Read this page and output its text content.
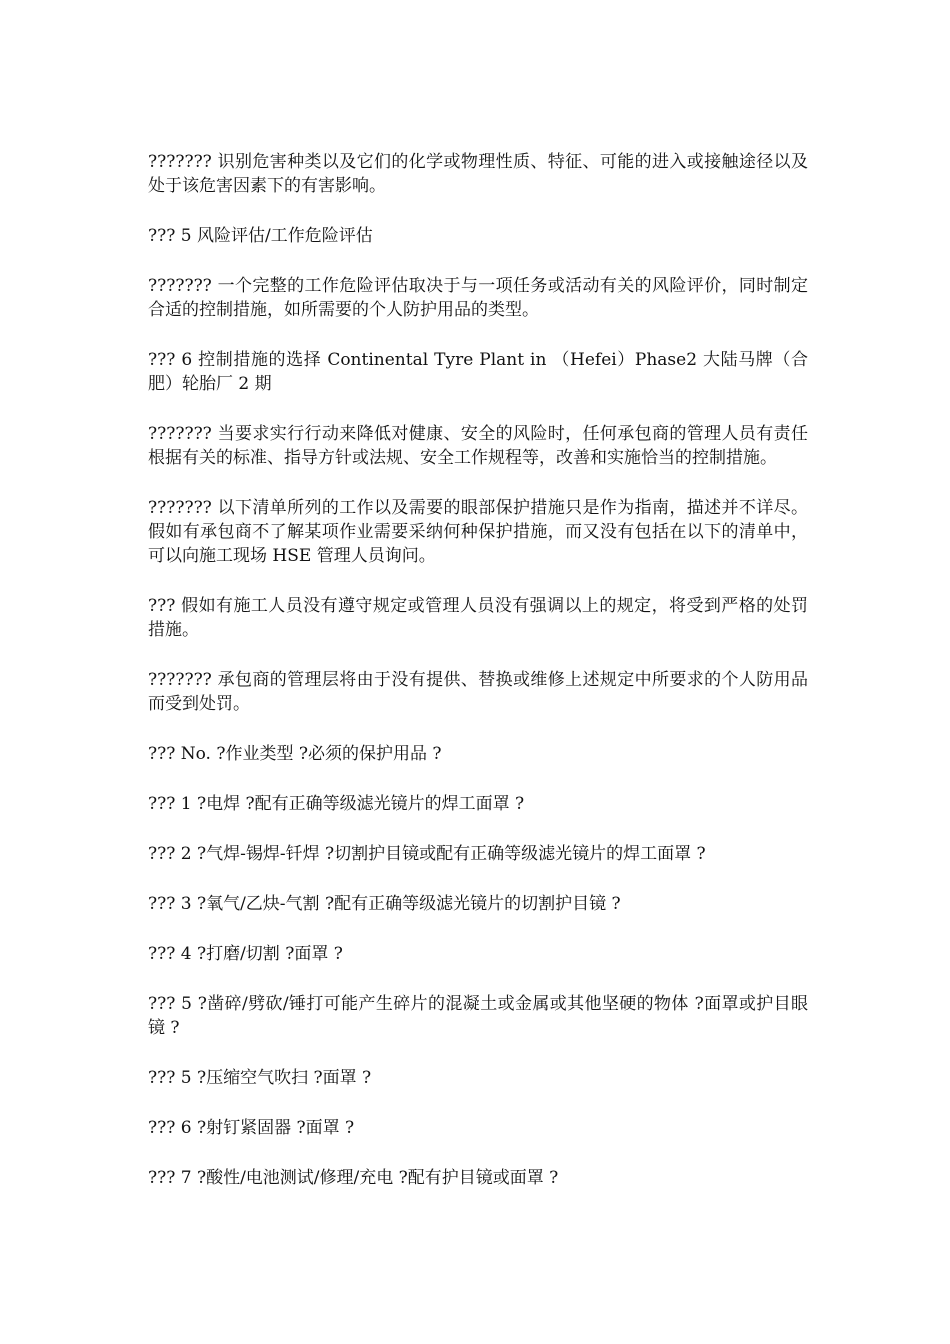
??????? 识别危害种类以及它们的化学或物理性质、特征、可能的进入或接触途径以及处于该危害因素下的有害影响。

??? 5 风险评估/工作危险评估

??????? 一个完整的工作危险评估取决于与一项任务或活动有关的风险评价，同时制定合适的控制措施，如所需要的个人防护用品的类型。

??? 6 控制措施的选择 Continental Tyre Plant in （Hefei）Phase2 大陆马牌（合肥）轮胎厂 2 期

??????? 当要求实行行动来降低对健康、安全的风险时，任何承包商的管理人员有责任根据有关的标准、指导方针或法规、安全工作规程等，改善和实施恰当的控制措施。

??????? 以下清单所列的工作以及需要的眼部保护措施只是作为指南，描述并不详尽。假如有承包商不了解某项作业需要采纳何种保护措施，而又没有包括在以下的清单中，可以向施工现场 HSE 管理人员询问。

??? 假如有施工人员没有遵守规定或管理人员没有强调以上的规定，将受到严格的处罚措施。

??????? 承包商的管理层将由于没有提供、替换或维修上述规定中所要求的个人防用品而受到处罚。

??? No. ?作业类型 ?必须的保护用品 ?

??? 1 ?电焊 ?配有正确等级滤光镜片的焊工面罩 ?

??? 2 ?气焊-锡焊-钎焊 ?切割护目镜或配有正确等级滤光镜片的焊工面罩 ?

??? 3 ?氧气/乙炔-气割 ?配有正确等级滤光镜片的切割护目镜 ?

??? 4 ?打磨/切割 ?面罩 ?

??? 5 ?凿碎/劈砍/锤打可能产生碎片的混凝土或金属或其他坚硬的物体 ?面罩或护目眼镜 ?

??? 5 ?压缩空气吹扫 ?面罩 ?

??? 6 ?射钉紧固器 ?面罩 ?

??? 7 ?酸性/电池测试/修理/充电 ?配有护目镜或面罩 ?
